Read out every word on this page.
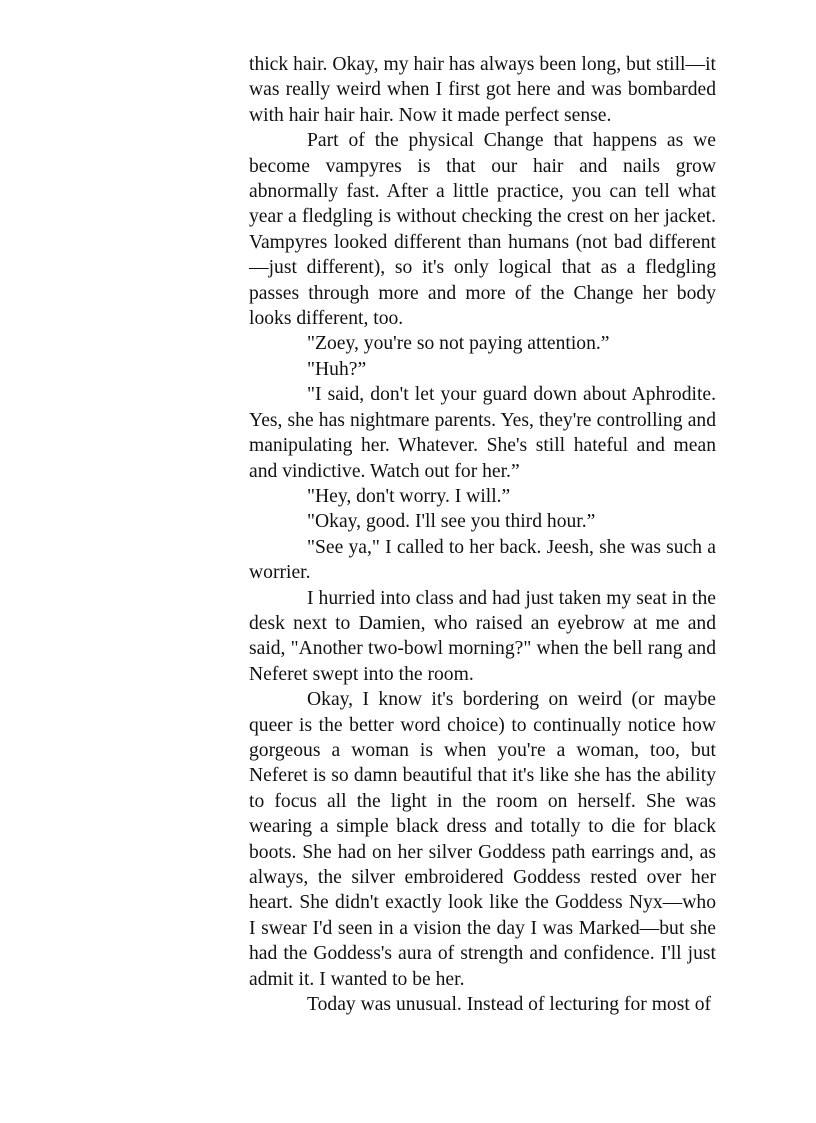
thick hair. Okay, my hair has always been long, but still—it was really weird when I first got here and was bombarded with hair hair hair. Now it made perfect sense.

Part of the physical Change that happens as we become vampyres is that our hair and nails grow abnormally fast. After a little practice, you can tell what year a fledgling is without checking the crest on her jacket. Vampyres looked different than humans (not bad different—just different), so it's only logical that as a fledgling passes through more and more of the Change her body looks different, too.

"Zoey, you're so not paying attention.”

"Huh?”

"I said, don't let your guard down about Aphrodite. Yes, she has nightmare parents. Yes, they're controlling and manipulating her. Whatever. She's still hateful and mean and vindictive. Watch out for her.”

"Hey, don't worry. I will.”

"Okay, good. I'll see you third hour.”

"See ya," I called to her back. Jeesh, she was such a worrier.

I hurried into class and had just taken my seat in the desk next to Damien, who raised an eyebrow at me and said, "Another two-bowl morning?" when the bell rang and Neferet swept into the room.

Okay, I know it's bordering on weird (or maybe queer is the better word choice) to continually notice how gorgeous a woman is when you're a woman, too, but Neferet is so damn beautiful that it's like she has the ability to focus all the light in the room on herself. She was wearing a simple black dress and totally to die for black boots. She had on her silver Goddess path earrings and, as always, the silver embroidered Goddess rested over her heart. She didn't exactly look like the Goddess Nyx—who I swear I'd seen in a vision the day I was Marked—but she had the Goddess's aura of strength and confidence. I'll just admit it. I wanted to be her.

Today was unusual. Instead of lecturing for most of
